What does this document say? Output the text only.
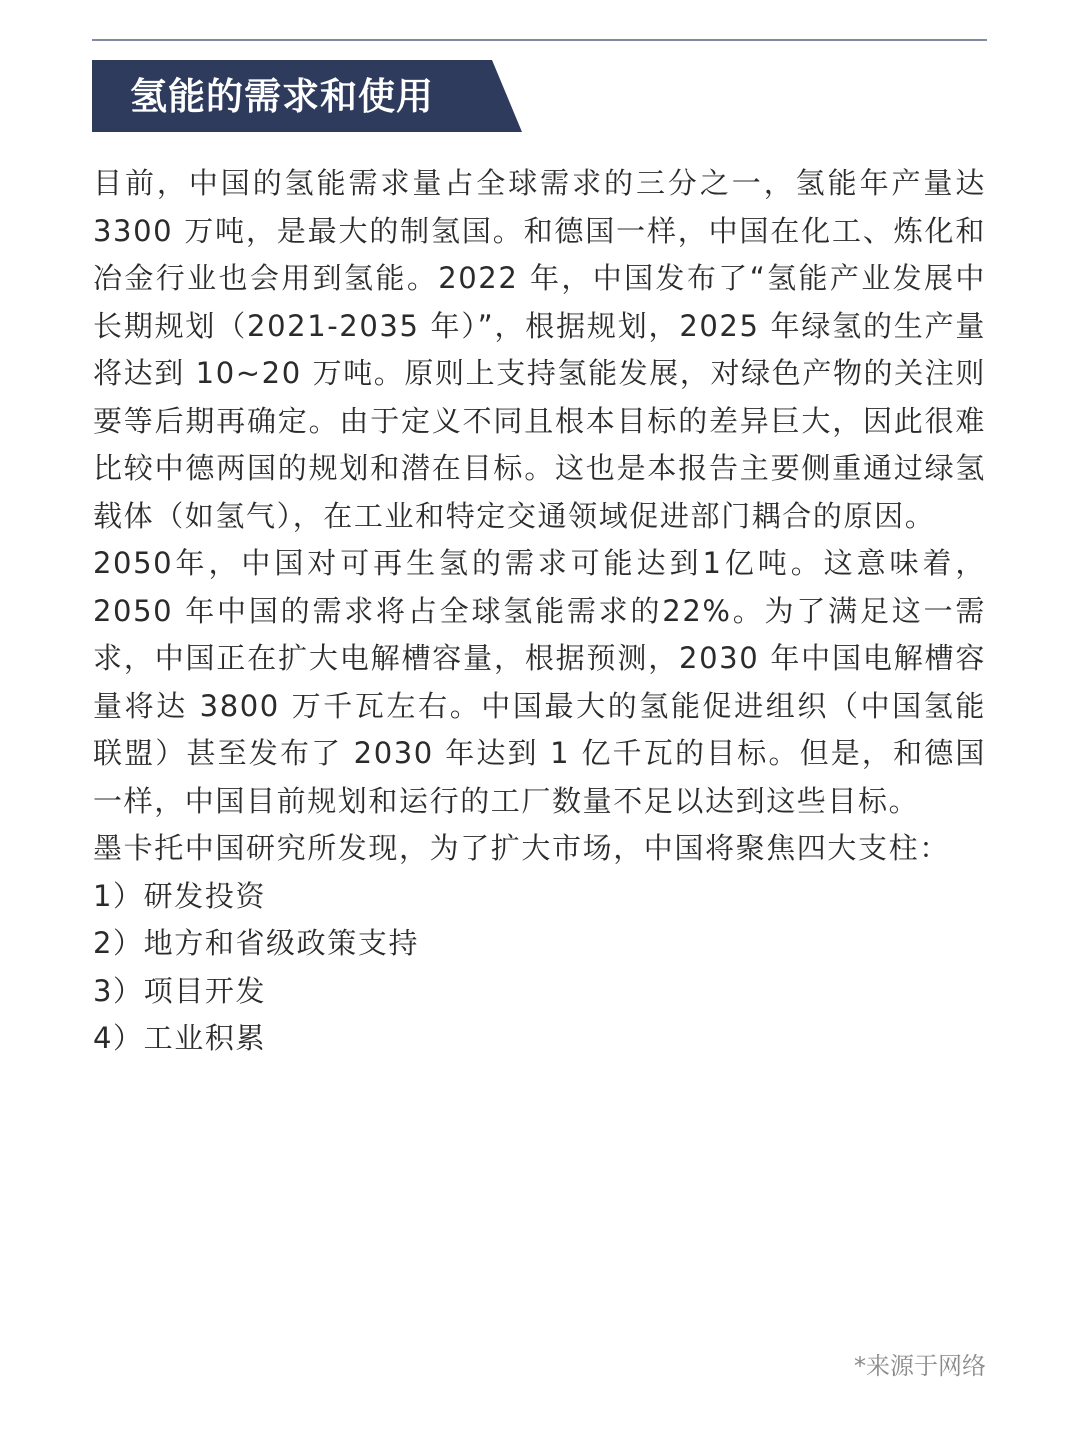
氢能的需求和使用

目前，中国的氢能需求量占全球需求的三分之一，氢能年产量达 3300 万吨，是最大的制氢国。和德国一样，中国在化工、炼化和冶金行业也会用到氢能。2022 年，中国发布了“氢能产业发展中长期规划（2021-2035 年）”，根据规划，2025 年绿氢的生产量将达到 10~20 万吨。原则上支持氢能发展，对绿色产物的关注则要等后期再确定。由于定义不同且根本目标的差异巨大，因此很难比较中德两国的规划和潜在目标。这也是本报告主要侧重通过绿氢载体（如氢气），在工业和特定交通领域促进部门耦合的原因。

2050年，中国对可再生氢的需求可能达到1亿吨。这意味着，2050 年中国的需求将占全球氢能需求的22%。为了满足这一需求，中国正在扩大电解槽容量，根据预测，2030 年中国电解槽容量将达 3800 万千瓦左右。中国最大的氢能促进组织（中国氢能联盟）甚至发布了 2030 年达到 1 亿千瓦的目标。但是，和德国一样，中国目前规划和运行的工厂数量不足以达到这些目标。

墨卡托中国研究所发现，为了扩大市场，中国将聚焦四大支柱：

1）研发投资
2）地方和省级政策支持
3）项目开发
4）工业积累
*来源于网络
